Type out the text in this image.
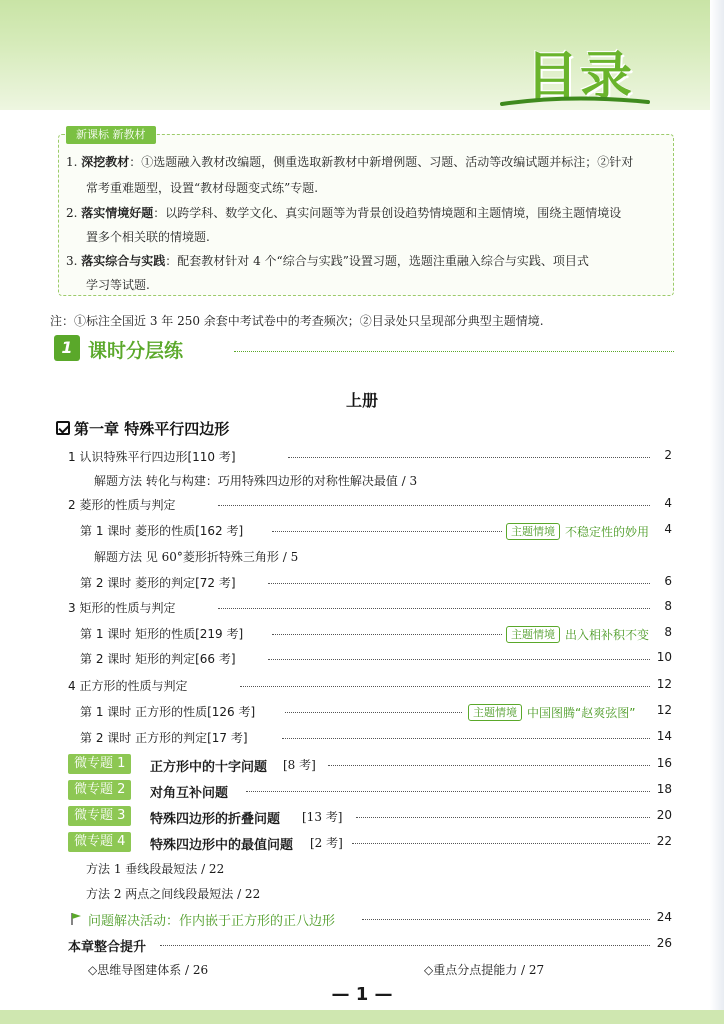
目录
新课标 新教材
1. 深挖教材：①选题融入教材改编题，侧重选取新教材中新增例题、习题、活动等改编试题并标注；②针对
常考重难题型，设置“教材母题变式练”专题.
2. 落实情境好题：以跨学科、数学文化、真实问题等为背景创设趋势情境题和主题情境，围绕主题情境设
置多个相关联的情境题.
3. 落实综合与实践：配套教材针对 4 个“综合与实践”设置习题，选题注重融入综合与实践、项目式
学习等试题.
注：①标注全国近 3 年 250 余套中考试卷中的考查频次；②目录处只呈现部分典型主题情境.
1 课时分层练
上册
第一章 特殊平行四边形
1 认识特殊平行四边形[110 考]	2
解题方法 转化与构建：巧用特殊四边形的对称性解决最值 / 3
2 菱形的性质与判定	4
第 1 课时 菱形的性质[162 考]	主题情境 不稳定性的妙用 4
解题方法 见 60°菱形折特殊三角形 / 5
第 2 课时 菱形的判定[72 考]	6
3 矩形的性质与判定	8
第 1 课时 矩形的性质[219 考]	主题情境 出入相补积不变 8
第 2 课时 矩形的判定[66 考]	10
4 正方形的性质与判定	12
第 1 课时 正方形的性质[126 考]	主题情境 中国图腾“赵爽弦图” 12
第 2 课时 正方形的判定[17 考]	14
微专题 1	正方形中的十字问题 [8 考]	16
微专题 2	对角互补问题	18
微专题 3	特殊四边形的折叠问题 [13 考]	20
微专题 4	特殊四边形中的最值问题 [2 考]	22
方法 1 垂线段最短法 / 22
方法 2 两点之间线段最短法 / 22
问题解决活动：作内嵌于正方形的正八边形	24
本章整合提升	26
◇思维导图建体系 / 26	◇重点分点提能力 / 27
— 1 —
